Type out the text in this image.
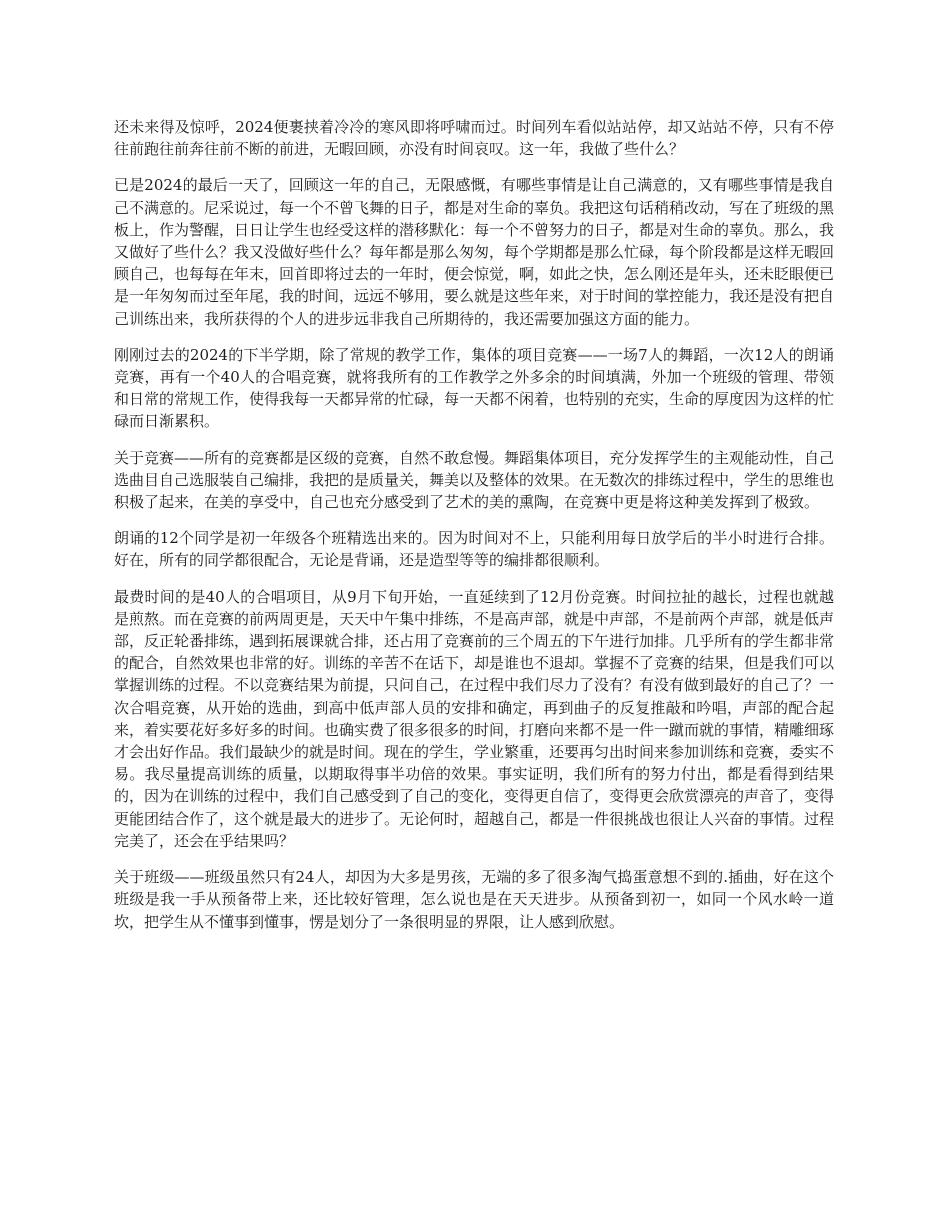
还未来得及惊呼，2024便裹挟着冷冷的寒风即将呼啸而过。时间列车看似站站停，却又站站不停，只有不停往前跑往前奔往前不断的前进，无暇回顾，亦没有时间哀叹。这一年，我做了些什么？

已是2024的最后一天了，回顾这一年的自己，无限感慨，有哪些事情是让自己满意的，又有哪些事情是我自己不满意的。尼采说过，每一个不曾飞舞的日子，都是对生命的辜负。我把这句话稍稍改动，写在了班级的黑板上，作为警醒，日日让学生也经受这样的潜移默化：每一个不曾努力的日子，都是对生命的辜负。那么，我又做好了些什么？我又没做好些什么？每年都是那么匆匆，每个学期都是那么忙碌，每个阶段都是这样无暇回顾自己，也每每在年末，回首即将过去的一年时，便会惊觉，啊，如此之快，怎么刚还是年头，还未眨眼便已是一年匆匆而过至年尾，我的时间，远远不够用，要么就是这些年来，对于时间的掌控能力，我还是没有把自己训练出来，我所获得的个人的进步远非我自己所期待的，我还需要加强这方面的能力。

刚刚过去的2024的下半学期，除了常规的教学工作，集体的项目竞赛——一场7人的舞蹈，一次12人的朗诵竞赛，再有一个40人的合唱竞赛，就将我所有的工作教学之外多余的时间填满，外加一个班级的管理、带领和日常的常规工作，使得我每一天都异常的忙碌，每一天都不闲着，也特别的充实，生命的厚度因为这样的忙碌而日渐累积。

关于竞赛——所有的竞赛都是区级的竞赛，自然不敢怠慢。舞蹈集体项目，充分发挥学生的主观能动性，自己选曲目自己选服装自己编排，我把的是质量关，舞美以及整体的效果。在无数次的排练过程中，学生的思维也积极了起来，在美的享受中，自己也充分感受到了艺术的美的熏陶，在竞赛中更是将这种美发挥到了极致。

朗诵的12个同学是初一年级各个班精选出来的。因为时间对不上，只能利用每日放学后的半小时进行合排。好在，所有的同学都很配合，无论是背诵，还是造型等等的编排都很顺利。

最费时间的是40人的合唱项目，从9月下旬开始，一直延续到了12月份竞赛。时间拉扯的越长，过程也就越是煎熬。而在竞赛的前两周更是，天天中午集中排练，不是高声部，就是中声部，不是前两个声部，就是低声部，反正轮番排练，遇到拓展课就合排，还占用了竞赛前的三个周五的下午进行加排。几乎所有的学生都非常的配合，自然效果也非常的好。训练的辛苦不在话下，却是谁也不退却。掌握不了竞赛的结果，但是我们可以掌握训练的过程。不以竞赛结果为前提，只问自己，在过程中我们尽力了没有？有没有做到最好的自己了？一次合唱竞赛，从开始的选曲，到高中低声部人员的安排和确定，再到曲子的反复推敲和吟唱，声部的配合起来，着实要花好多好多的时间。也确实费了很多很多的时间，打磨向来都不是一件一蹴而就的事情，精雕细琢才会出好作品。我们最缺少的就是时间。现在的学生，学业繁重，还要再匀出时间来参加训练和竞赛，委实不易。我尽量提高训练的质量，以期取得事半功倍的效果。事实证明，我们所有的努力付出，都是看得到结果的，因为在训练的过程中，我们自己感受到了自己的变化，变得更自信了，变得更会欣赏漂亮的声音了，变得更能团结合作了，这个就是最大的进步了。无论何时，超越自己，都是一件很挑战也很让人兴奋的事情。过程完美了，还会在乎结果吗？

关于班级——班级虽然只有24人，却因为大多是男孩，无端的多了很多淘气捣蛋意想不到的.插曲，好在这个班级是我一手从预备带上来，还比较好管理，怎么说也是在天天进步。从预备到初一，如同一个风水岭一道坎，把学生从不懂事到懂事，愣是划分了一条很明显的界限，让人感到欣慰。
